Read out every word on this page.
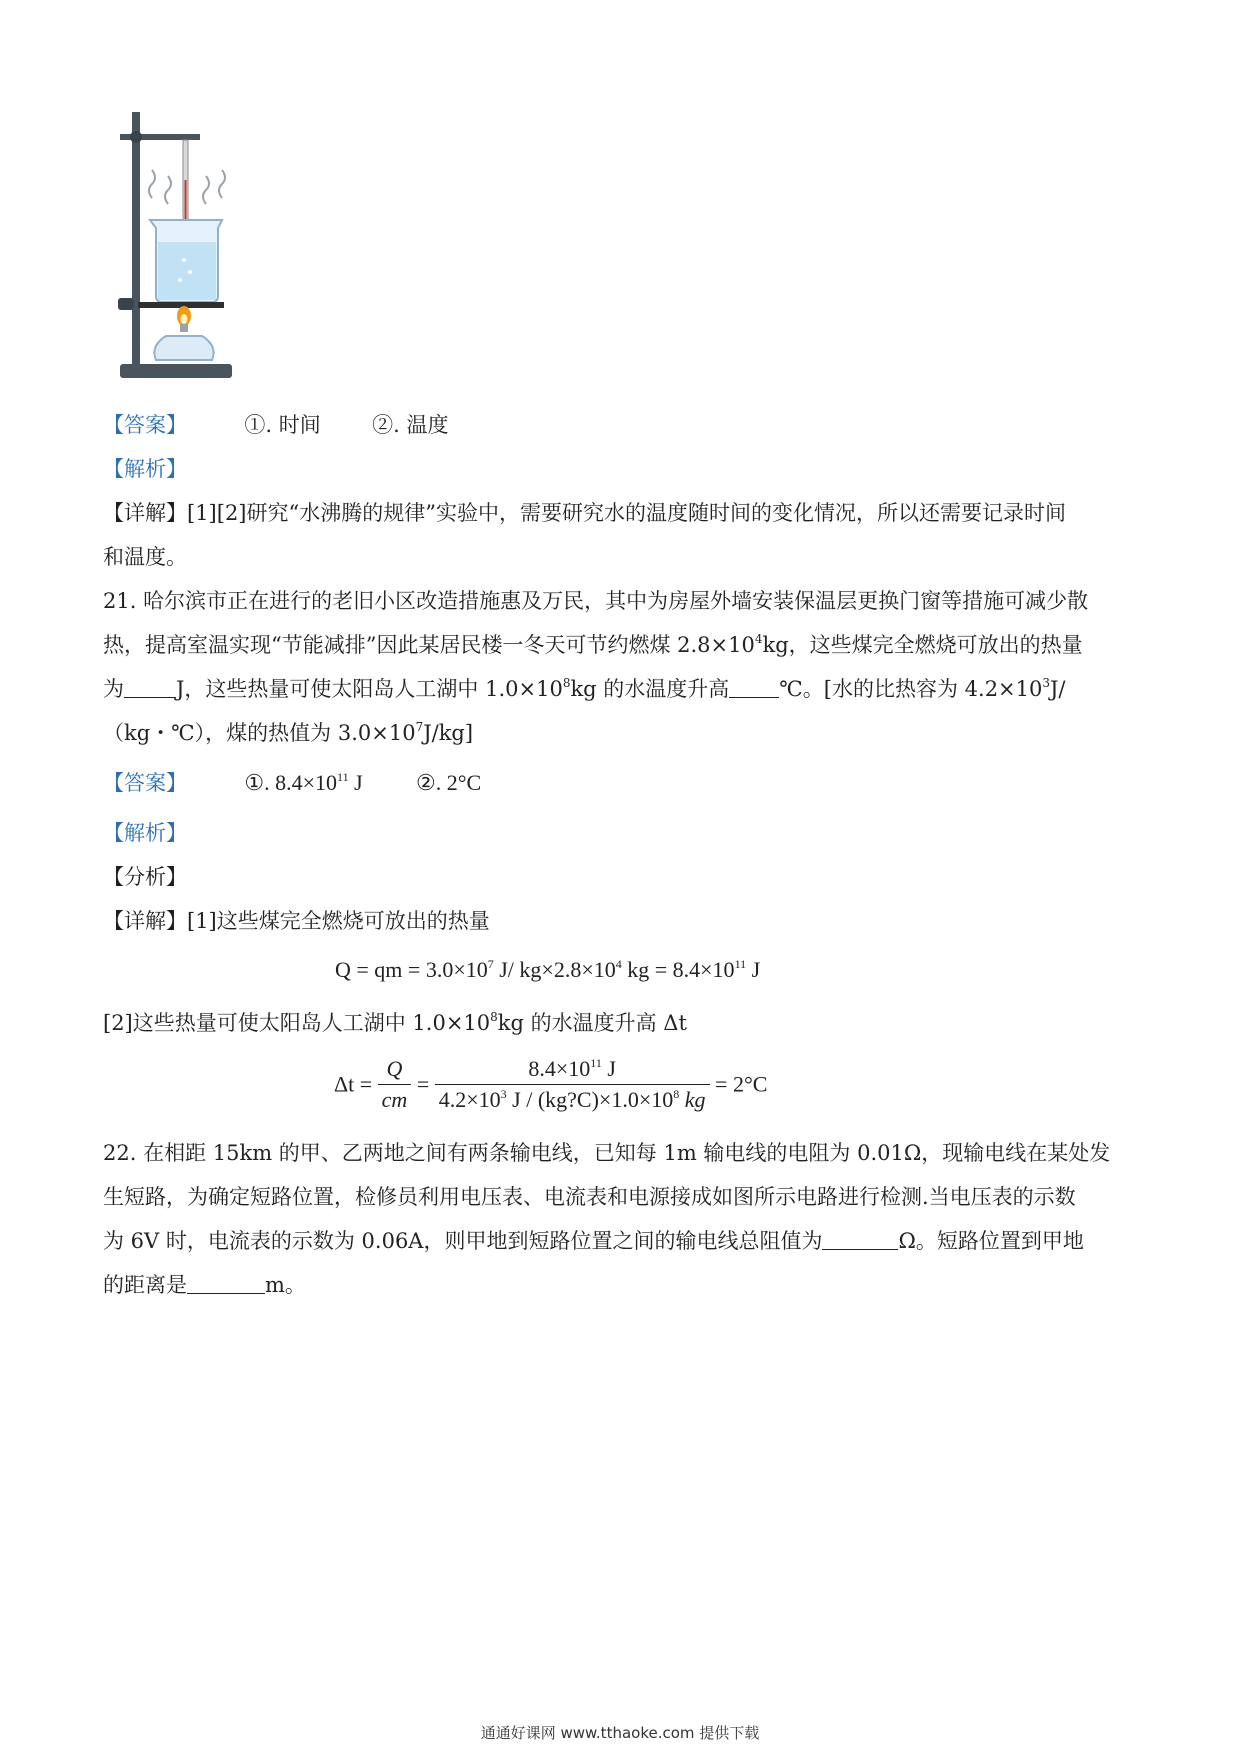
【答案】	①. 时间 ②. 温度
【解析】
【详解】[1][2]研究“水沸腾的规律”实验中，需要研究水的温度随时间的变化情况，所以还需要记录时间
和温度。
21. 哈尔滨市正在进行的老旧小区改造措施惠及万民，其中为房屋外墙安装保温层更换门窗等措施可减少散
热，提高室温实现“节能减排”因此某居民楼一冬天可节约燃煤 $2.8\times 10^4kg$，这些煤完全燃烧可放出的热量
为 J，这些热量可使太阳岛人工湖中 $1.0\times 10^8kg$ 的水温度升高 ℃。[水的比热容为 $4.2\times 10^3J/$
（kg・℃），煤的热值为 $3.0\times 10^7J/kg$]
【答案】	①. $8.4\times 10^{11}$ J ②. 2°C
【解析】
【分析】
【详解】[1]这些煤完全燃烧可放出的热量
Q = qm = $3.0\times 10^7$ J/ $kg\times 2.8\times 10^4$ kg = $8.4\times 10^{11}$ J
[2]这些热量可使太阳岛人工湖中 $1.0\times 10^8kg$ 的水温度升高 Δt
$\Delta t = \frac{Q}{cm} = \frac{8.4\times 10^{11} J}{4.2\times 10^3 J / (kg?C)\times 1.0\times 10^8 kg} = 2^\circ C$
22. 在相距 15km 的甲、乙两地之间有两条输电线，已知每 1m 输电线的电阻为 0.01Ω，现输电线在某处发
生短路，为确定短路位置，检修员利用电压表、电流表和电源接成如图所示电路进行检测.当电压表的示数
为 6V 时，电流表的示数为 0.06A，则甲地到短路位置之间的输电线总阻值为	Ω。短路位置到甲地
的距离是	m。
通通好课网 www.tthaoke.com 提供下载
